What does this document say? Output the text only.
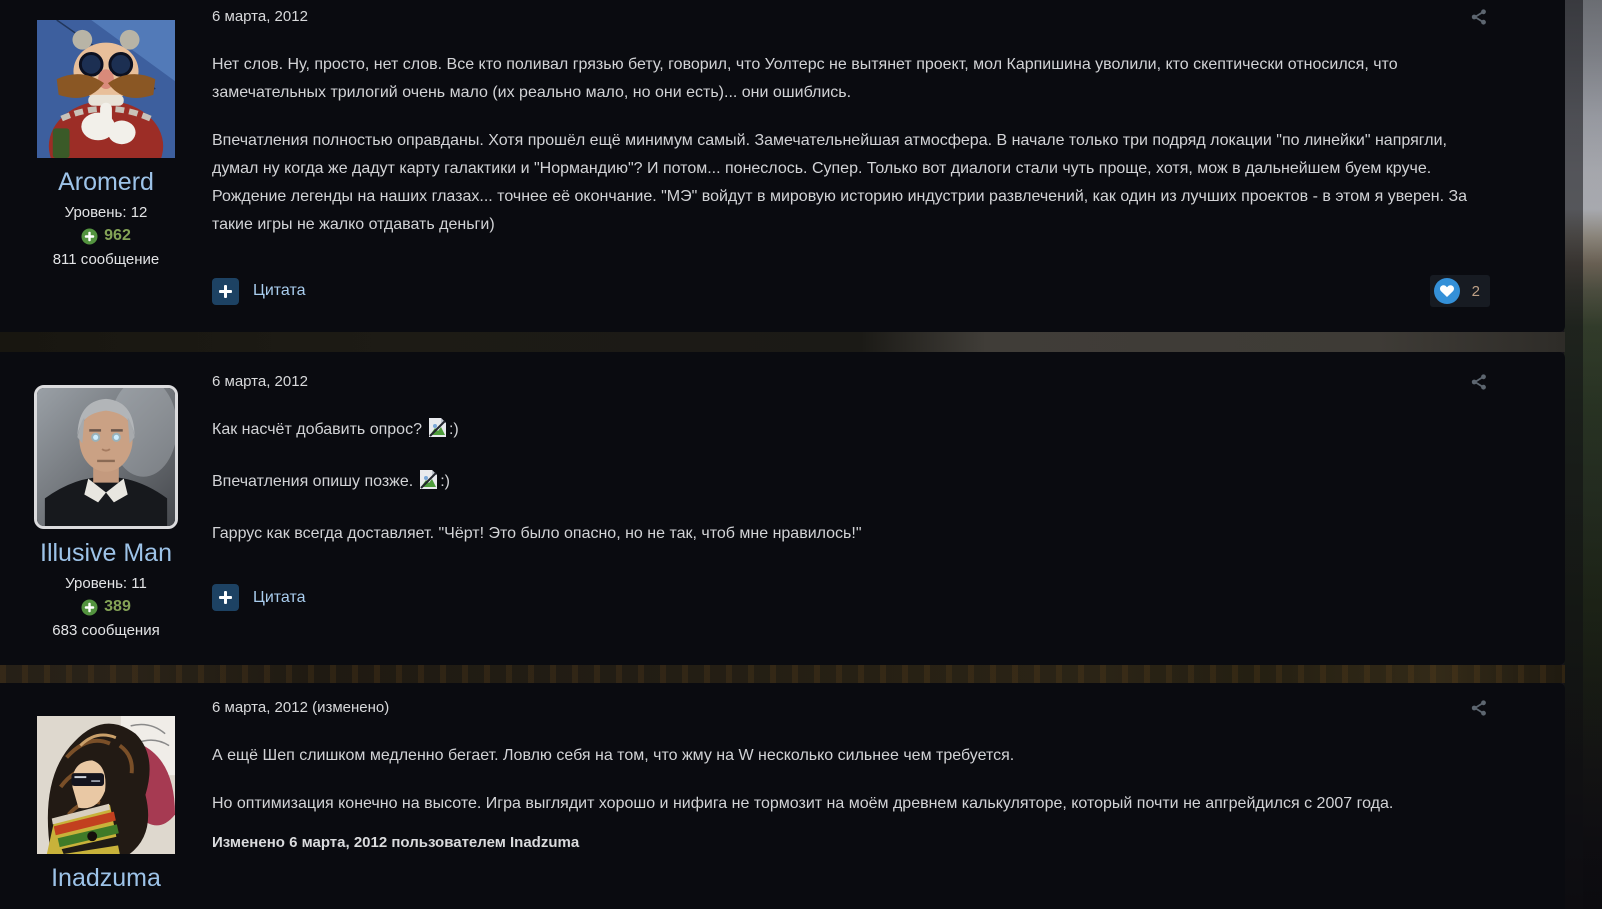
Aromerd
Уровень: 12
962
811 сообщение
6 марта, 2012

Нет слов. Ну, просто, нет слов. Все кто поливал грязью бету, говорил, что Уолтерс не вытянет проект, мол Карпишина уволили, кто скептически относился, что замечательных трилогий очень мало (их реально мало, но они есть)... они ошиблись.

Впечатления полностью оправданы. Хотя прошёл ещё минимум самый. Замечательнейшая атмосфера. В начале только три подряд локации "по линейки" напрягли, думал ну когда же дадут карту галактики и "Нормандию"? И потом... понеслось. Супер. Только вот диалоги стали чуть проще, хотя, мож в дальнейшем буем круче. Рождение легенды на наших глазах... точнее её окончание. "МЭ" войдут в мировую историю индустрии развлечений, как один из лучших проектов - в этом я уверен. За такие игры не жалко отдавать деньги)

Цитата	2
Illusive Man
Уровень: 11
389
683 сообщения
6 марта, 2012

Как насчёт добавить опрос? :)

Впечатления опишу позже. :)

Гаррус как всегда доставляет. "Чёрт! Это было опасно, но не так, чтоб мне нравилось!"

Цитата
Inadzuma
6 марта, 2012 (изменено)

А ещё Шеп слишком медленно бегает. Ловлю себя на том, что жму на W несколько сильнее чем требуется.

Но оптимизация конечно на высоте. Игра выглядит хорошо и нифига не тормозит на моём древнем калькуляторе, который почти не апгрейдился с 2007 года.

Изменено 6 марта, 2012 пользователем Inadzuma
